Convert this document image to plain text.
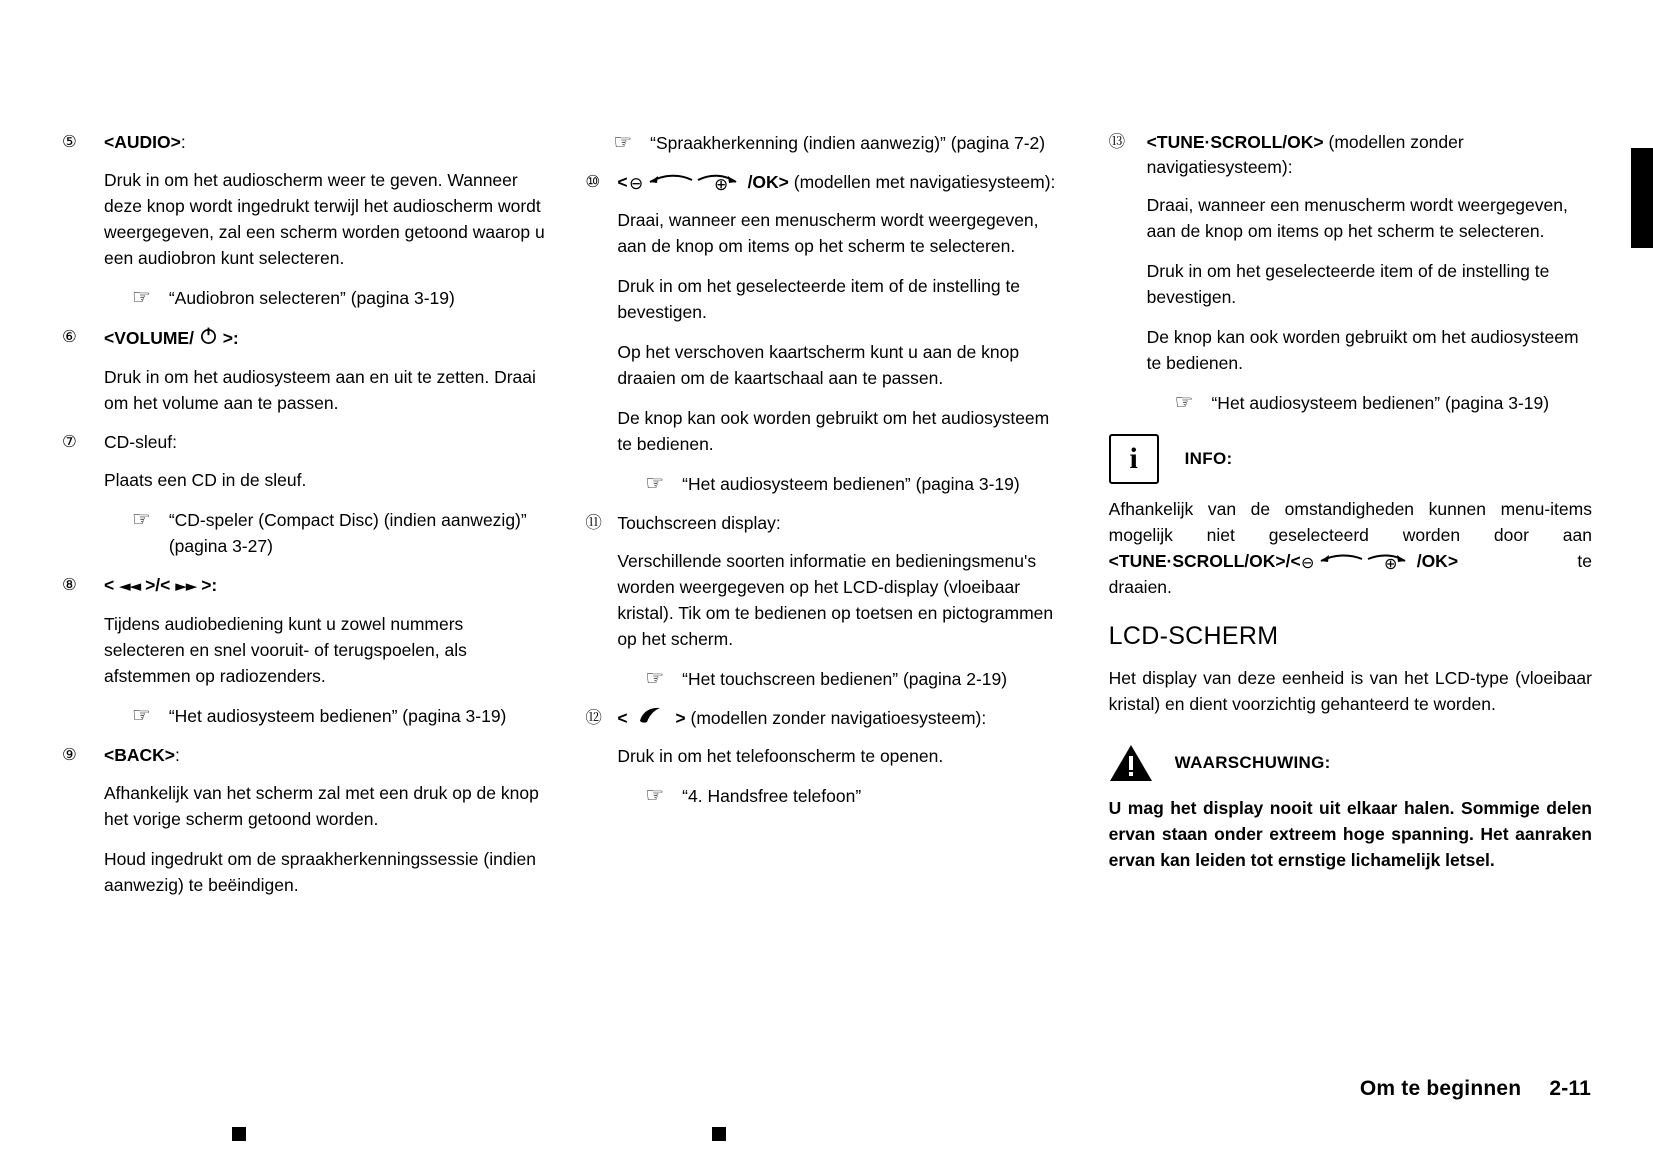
⑤	<AUDIO>:
Druk in om het audioscherm weer te geven. Wanneer deze knop wordt ingedrukt terwijl het audioscherm wordt weergegeven, zal een scherm worden getoond waarop u een audiobron kunt selecteren.
☞ “Audiobron selecteren” (pagina 3-19)
⑥	<VOLUME/ >:
Druk in om het audiosysteem aan en uit te zetten. Draai om het volume aan te passen.
⑦	CD-sleuf:
Plaats een CD in de sleuf.
☞ “CD-speler (Compact Disc) (indien aanwezig)” (pagina 3-27)
⑧	< ◄◄ >/< ►► >:
Tijdens audiobediening kunt u zowel nummers selecteren en snel vooruit- of terugspoelen, als afstemmen op radiozenders.
☞ “Het audiosysteem bedienen” (pagina 3-19)
⑨	<BACK>:
Afhankelijk van het scherm zal met een druk op de knop het vorige scherm getoond worden.
Houd ingedrukt om de spraakherkenningssessie (indien aanwezig) te beëindigen.
☞ “Spraakherkenning (indien aanwezig)” (pagina 7-2)
⑩ < ⊖	⊕ /OK> (modellen met navigatiesysteem):
Draai, wanneer een menuscherm wordt weergegeven, aan de knop om items op het scherm te selecteren.
Druk in om het geselecteerde item of de instelling te bevestigen.
Op het verschoven kaartscherm kunt u aan de knop draaien om de kaartschaal aan te passen.
De knop kan ook worden gebruikt om het audiosysteem te bedienen.
☞ “Het audiosysteem bedienen” (pagina 3-19)
⑪ Touchscreen display:
Verschillende soorten informatie en bedieningsmenu's worden weergegeven op het LCD-display (vloeibaar kristal). Tik om te bedienen op toetsen en pictogrammen op het scherm.
☞ “Het touchscreen bedienen” (pagina 2-19)
⑫ <	> (modellen zonder navigatioesysteem):
Druk in om het telefoonscherm te openen.
☞ “4. Handsfree telefoon”
⑬	<TUNE·SCROLL/OK> (modellen zonder navigatiesysteem):
Draai, wanneer een menuscherm wordt weergegeven, aan de knop om items op het scherm te selecteren.
Druk in om het geselecteerde item of de instelling te bevestigen.
De knop kan ook worden gebruikt om het audiosysteem te bedienen.
☞ “Het audiosysteem bedienen” (pagina 3-19)
i	INFO:
Afhankelijk van de omstandigheden kunnen menu-items mogelijk niet geselecteerd worden door aan <TUNE·SCROLL/OK>/< ⊖	⊕ /OK>	te
draaien.
LCD-SCHERM
Het display van deze eenheid is van het LCD-type (vloeibaar kristal) en dient voorzichtig gehanteerd te worden.
WAARSCHUWING:
U mag het display nooit uit elkaar halen. Sommige delen ervan staan onder extreem hoge spanning. Het aanraken ervan kan leiden tot ernstige lichamelijk letsel.
Om te beginnen 2-11
